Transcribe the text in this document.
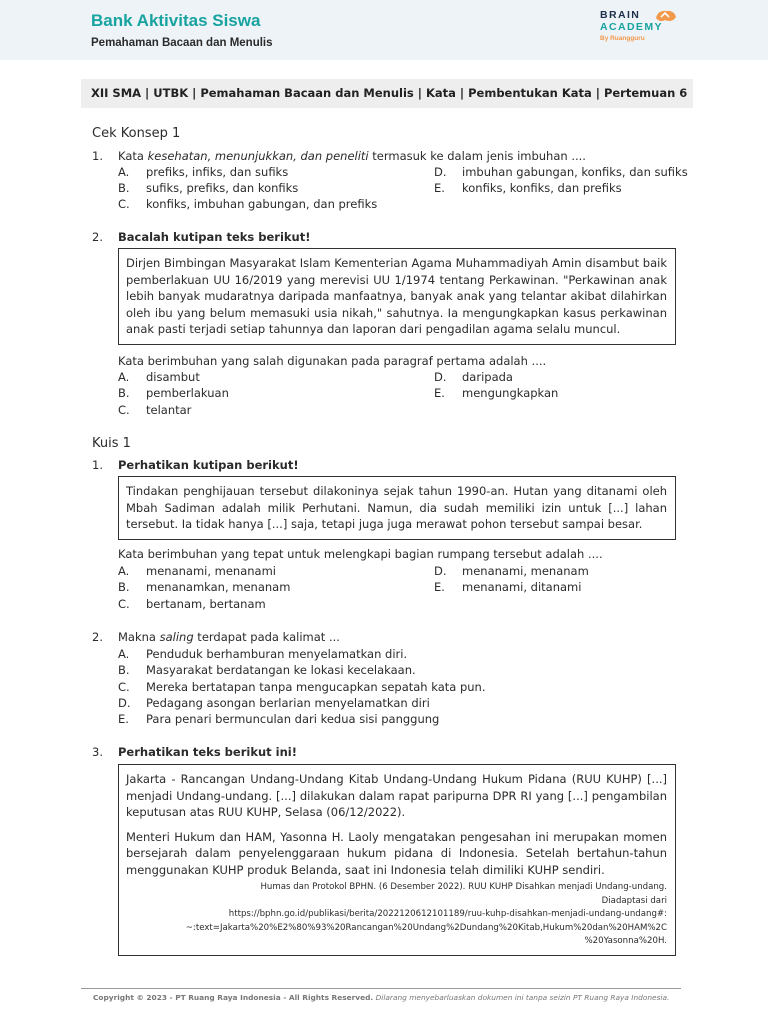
Bank Aktivitas Siswa
Pemahaman Bacaan dan Menulis
BRAIN
ACADEMY
By Ruangguru
XII SMA | UTBK | Pemahaman Bacaan dan Menulis | Kata | Pembentukan Kata | Pertemuan 6
Cek Konsep 1
1.	Kata kesehatan, menunjukkan, dan peneliti termasuk ke dalam jenis imbuhan ....
A. prefiks, infiks, dan sufiks
B. sufiks, prefiks, dan konfiks
C. konfiks, imbuhan gabungan, dan prefiks
D. imbuhan gabungan, konfiks, dan sufiks
E. konfiks, konfiks, dan prefiks
2.	Bacalah kutipan teks berikut!

Dirjen Bimbingan Masyarakat Islam Kementerian Agama Muhammadiyah Amin disambut baik pemberlakuan UU 16/2019 yang merevisi UU 1/1974 tentang Perkawinan. "Perkawinan anak lebih banyak mudaratnya daripada manfaatnya, banyak anak yang telantar akibat dilahirkan oleh ibu yang belum memasuki usia nikah," sahutnya. Ia mengungkapkan kasus perkawinan anak pasti terjadi setiap tahunnya dan laporan dari pengadilan agama selalu muncul.

Kata berimbuhan yang salah digunakan pada paragraf pertama adalah ....
A. disambut
B. pemberlakuan
C. telantar
D. daripada
E. mengungkapkan
Kuis 1
1.	Perhatikan kutipan berikut!

Tindakan penghijauan tersebut dilakoninya sejak tahun 1990-an. Hutan yang ditanami oleh Mbah Sadiman adalah milik Perhutani. Namun, dia sudah memiliki izin untuk [...] lahan tersebut. Ia tidak hanya [...] saja, tetapi juga juga merawat pohon tersebut sampai besar.

Kata berimbuhan yang tepat untuk melengkapi bagian rumpang tersebut adalah ....
A. menanami, menanami
B. menanamkan, menanam
C. bertanam, bertanam
D. menanami, menanam
E. menanami, ditanami
2.	Makna saling terdapat pada kalimat ...
A. Penduduk berhamburan menyelamatkan diri.
B. Masyarakat berdatangan ke lokasi kecelakaan.
C. Mereka bertatapan tanpa mengucapkan sepatah kata pun.
D. Pedagang asongan berlarian menyelamatkan diri
E. Para penari bermunculan dari kedua sisi panggung
3.	Perhatikan teks berikut ini!

Jakarta - Rancangan Undang-Undang Kitab Undang-Undang Hukum Pidana (RUU KUHP) [...] menjadi Undang-undang. [...] dilakukan dalam rapat paripurna DPR RI yang [...] pengambilan keputusan atas RUU KUHP, Selasa (06/12/2022).

Menteri Hukum dan HAM, Yasonna H. Laoly mengatakan pengesahan ini merupakan momen bersejarah dalam penyelenggaraan hukum pidana di Indonesia. Setelah bertahun-tahun menggunakan KUHP produk Belanda, saat ini Indonesia telah dimiliki KUHP sendiri.

Humas dan Protokol BPHN. (6 Desember 2022). RUU KUHP Disahkan menjadi Undang-undang.
Diadaptasi dari
https://bphn.go.id/publikasi/berita/2022120612101189/ruu-kuhp-disahkan-menjadi-undang-undang#:
~:text=Jakarta%20%E2%80%93%20Rancangan%20Undang%2Dundang%20Kitab,Hukum%20dan%20HAM%2C
%20Yasonna%20H.
Copyright © 2023 - PT Ruang Raya Indonesia - All Rights Reserved. Dilarang menyebarluaskan dokumen ini tanpa seizin PT Ruang Raya Indonesia.
